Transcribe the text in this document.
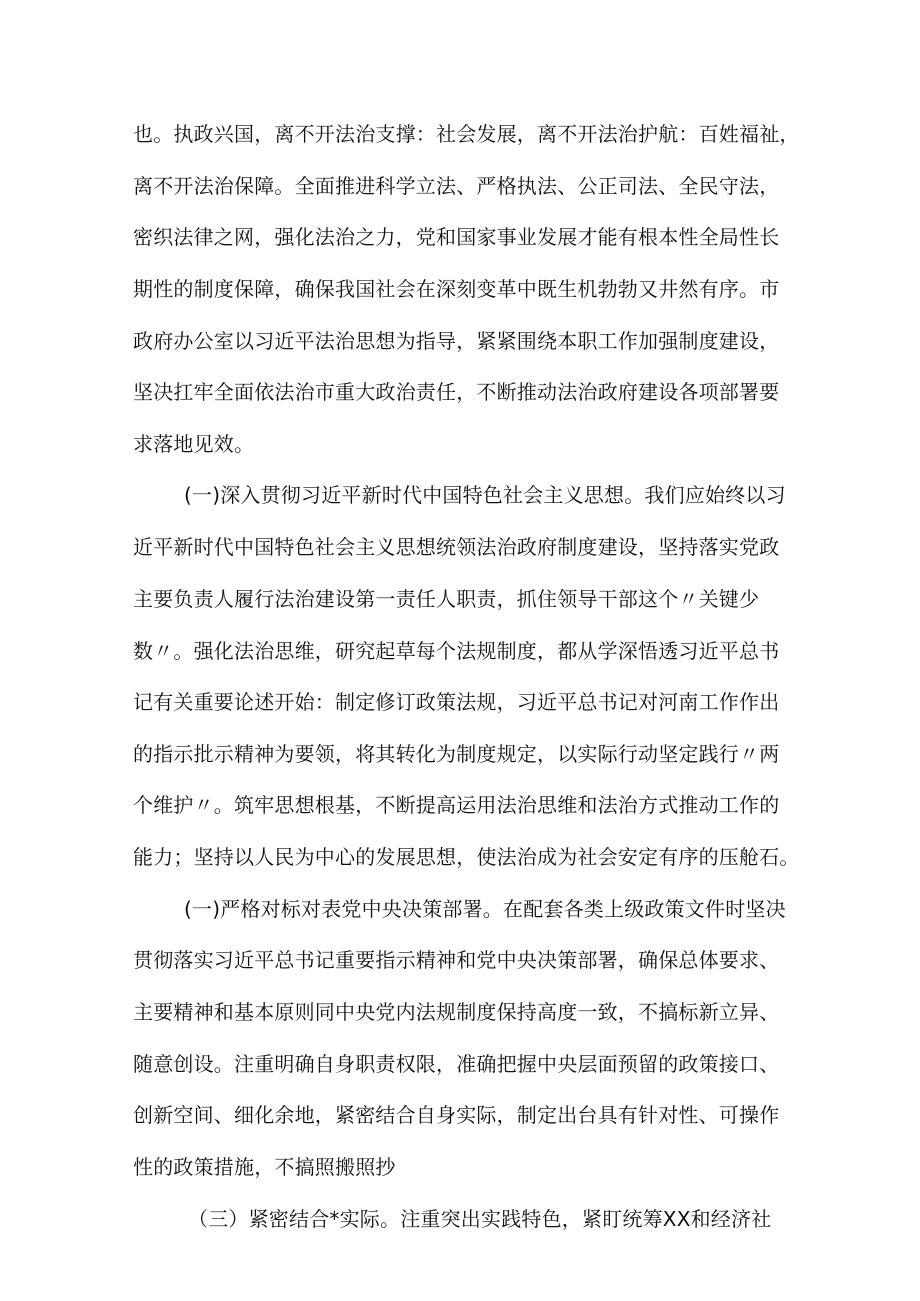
也。执政兴国，离不开法治支撑：社会发展，离不开法治护航：百姓福祉，
离不开法治保障。全面推进科学立法、严格执法、公正司法、全民守法，
密织法律之网，强化法治之力，党和国家事业发展才能有根本性全局性长
期性的制度保障，确保我国社会在深刻变革中既生机勃勃又井然有序。市
政府办公室以习近平法治思想为指导，紧紧围绕本职工作加强制度建设，
坚决扛牢全面依法治市重大政治责任，不断推动法治政府建设各项部署要
求落地见效。
(一)深入贯彻习近平新时代中国特色社会主义思想。我们应始终以习
近平新时代中国特色社会主义思想统领法治政府制度建设，坚持落实党政
主要负责人履行法治建设第一责任人职责，抓住领导干部这个〃关键少
数〃。强化法治思维，研究起草每个法规制度，都从学深悟透习近平总书
记有关重要论述开始：制定修订政策法规，习近平总书记对河南工作作出
的指示批示精神为要领，将其转化为制度规定，以实际行动坚定践行〃两
个维护〃。筑牢思想根基，不断提高运用法治思维和法治方式推动工作的
能力；坚持以人民为中心的发展思想，使法治成为社会安定有序的压舱石。
(一)严格对标对表党中央决策部署。在配套各类上级政策文件时坚决
贯彻落实习近平总书记重要指示精神和党中央决策部署，确保总体要求、
主要精神和基本原则同中央党内法规制度保持高度一致，不搞标新立异、
随意创设。注重明确自身职责权限，准确把握中央层面预留的政策接口、
创新空间、细化余地，紧密结合自身实际，制定出台具有针对性、可操作
性的政策措施，不搞照搬照抄
（三）紧密结合*实际。注重突出实践特色，紧盯统筹XX和经济社
